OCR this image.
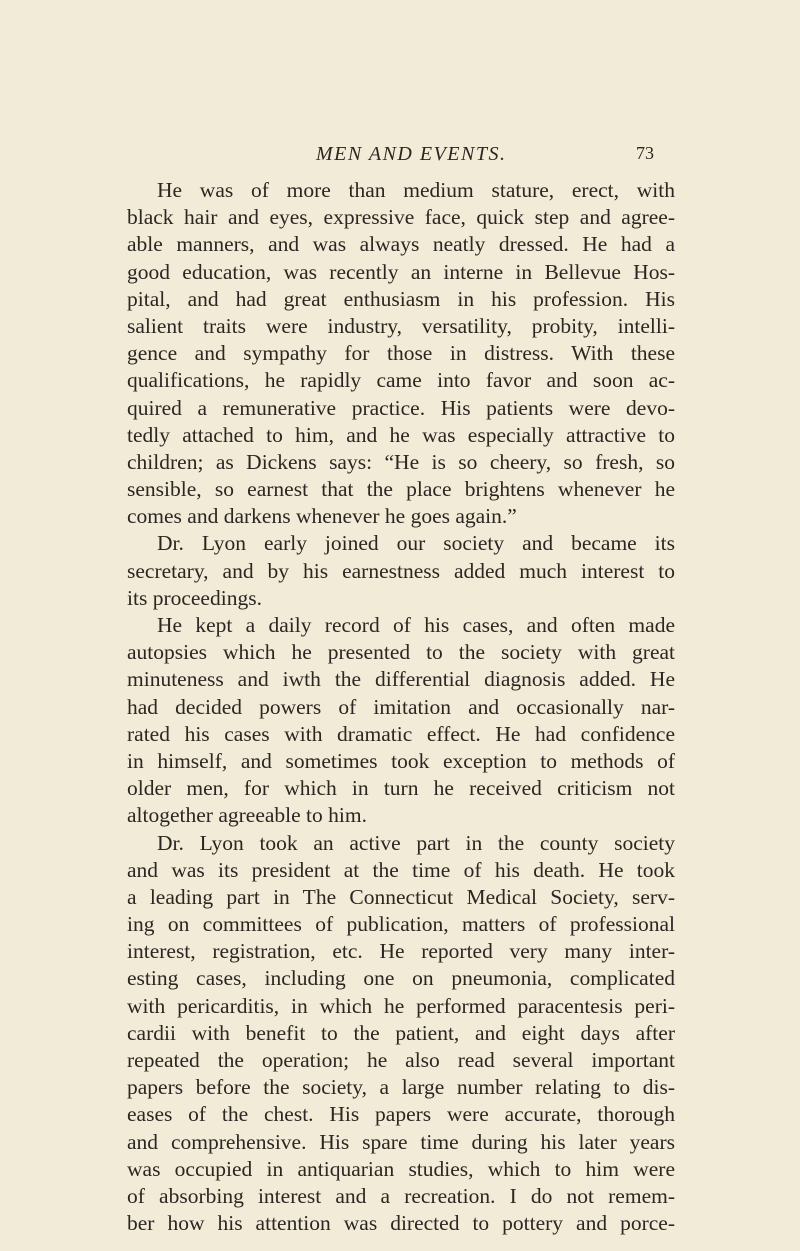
MEN AND EVENTS.	73
He was of more than medium stature, erect, with
black hair and eyes, expressive face, quick step and agree-
able manners, and was always neatly dressed. He had a
good education, was recently an interne in Bellevue Hos-
pital, and had great enthusiasm in his profession. His
salient traits were industry, versatility, probity, intelli-
gence and sympathy for those in distress. With these
qualifications, he rapidly came into favor and soon ac-
quired a remunerative practice. His patients were devo-
tedly attached to him, and he was especially attractive to
children; as Dickens says: “He is so cheery, so fresh, so
sensible, so earnest that the place brightens whenever he
comes and darkens whenever he goes again.”
Dr. Lyon early joined our society and became its
secretary, and by his earnestness added much interest to
its proceedings.
He kept a daily record of his cases, and often made
autopsies which he presented to the society with great
minuteness and iwth the differential diagnosis added. He
had decided powers of imitation and occasionally nar-
rated his cases with dramatic effect. He had confidence
in himself, and sometimes took exception to methods of
older men, for which in turn he received criticism not
altogether agreeable to him.
Dr. Lyon took an active part in the county society
and was its president at the time of his death. He took
a leading part in The Connecticut Medical Society, serv-
ing on committees of publication, matters of professional
interest, registration, etc. He reported very many inter-
esting cases, including one on pneumonia, complicated
with pericarditis, in which he performed paracentesis peri-
cardii with benefit to the patient, and eight days after
repeated the operation; he also read several important
papers before the society, a large number relating to dis-
eases of the chest. His papers were accurate, thorough
and comprehensive. His spare time during his later years
was occupied in antiquarian studies, which to him were
of absorbing interest and a recreation. I do not remem-
ber how his attention was directed to pottery and porce-
